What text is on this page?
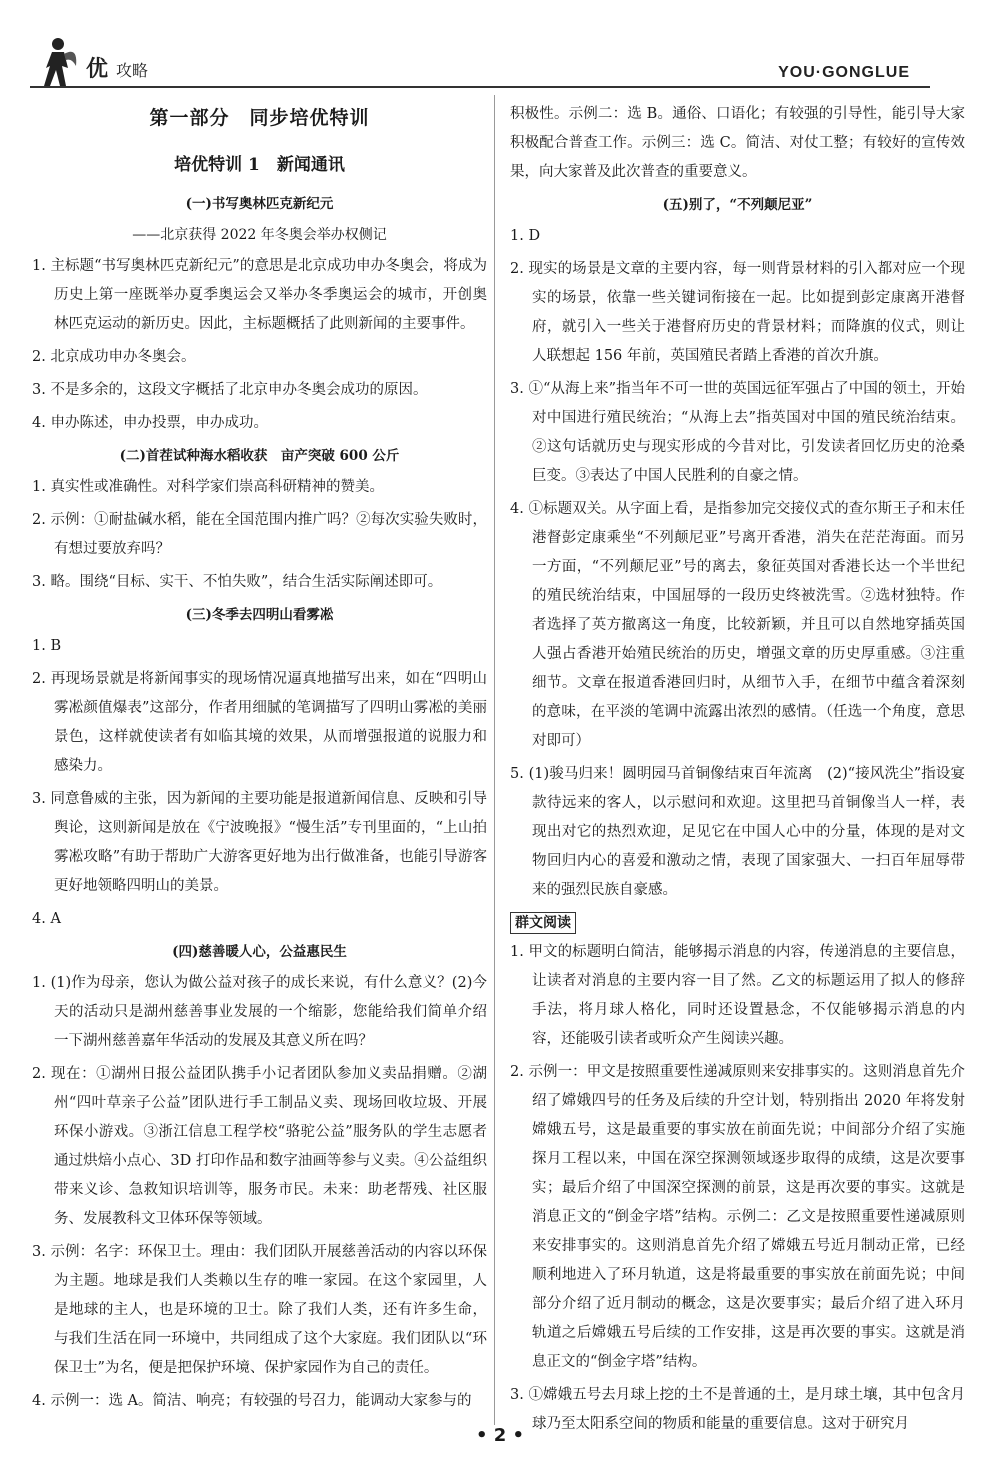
优 攻略	YOU·GONGLUE
第一部分　同步培优特训
培优特训 1　新闻通讯
(一)书写奥林匹克新纪元
——北京获得 2022 年冬奥会举办权侧记

1. 主标题“书写奥林匹克新纪元”的意思是北京成功申办冬奥会，将成为历史上第一座既举办夏季奥运会又举办冬季奥运会的城市，开创奥林匹克运动的新历史。因此，主标题概括了此则新闻的主要事件。

2. 北京成功申办冬奥会。

3. 不是多余的，这段文字概括了北京申办冬奥会成功的原因。

4. 申办陈述，申办投票，申办成功。

(二)首茬试种海水稻收获　亩产突破 600 公斤

1. 真实性或准确性。对科学家们崇高科研精神的赞美。

2. 示例：①耐盐碱水稻，能在全国范围内推广吗？②每次实验失败时，有想过要放弃吗？

3. 略。围绕“目标、实干、不怕失败”，结合生活实际阐述即可。

(三)冬季去四明山看雾凇

1. B

2. 再现场景就是将新闻事实的现场情况逼真地描写出来，如在“四明山雾凇颜值爆表”这部分，作者用细腻的笔调描写了四明山雾凇的美丽景色，这样就使读者有如临其境的效果，从而增强报道的说服力和感染力。

3. 同意鲁威的主张，因为新闻的主要功能是报道新闻信息、反映和引导舆论，这则新闻是放在《宁波晚报》“慢生活”专刊里面的，“上山拍雾凇攻略”有助于帮助广大游客更好地为出行做准备，也能引导游客更好地领略四明山的美景。

4. A

(四)慈善暖人心，公益惠民生

1. (1)作为母亲，您认为做公益对孩子的成长来说，有什么意义？(2)今天的活动只是湖州慈善事业发展的一个缩影，您能给我们简单介绍一下湖州慈善嘉年华活动的发展及其意义所在吗？

2. 现在：①湖州日报公益团队携手小记者团队参加义卖品捐赠。②湖州“四叶草亲子公益”团队进行手工制品义卖、现场回收垃圾、开展环保小游戏。③浙江信息工程学校“骆驼公益”服务队的学生志愿者通过烘焙小点心、3D 打印作品和数字油画等参与义卖。④公益组织带来义诊、急救知识培训等，服务市民。未来：助老帮残、社区服务、发展教科文卫体环保等领域。

3. 示例：名字：环保卫士。理由：我们团队开展慈善活动的内容以环保为主题。地球是我们人类赖以生存的唯一家园。在这个家园里，人是地球的主人，也是环境的卫士。除了我们人类，还有许多生命，与我们生活在同一环境中，共同组成了这个大家庭。我们团队以“环保卫士”为名，便是把保护环境、保护家园作为自己的责任。

4. 示例一：选 A。简洁、响亮；有较强的号召力，能调动大家参与的

积极性。示例二：选 B。通俗、口语化；有较强的引导性，能引导大家积极配合普查工作。示例三：选 C。简洁、对仗工整；有较好的宣传效果，向大家普及此次普查的重要意义。

(五)别了，“不列颠尼亚”

1. D

2. 现实的场景是文章的主要内容，每一则背景材料的引入都对应一个现实的场景，依靠一些关键词衔接在一起。比如提到彭定康离开港督府，就引入一些关于港督府历史的背景材料；而降旗的仪式，则让人联想起 156 年前，英国殖民者踏上香港的首次升旗。

3. ①“从海上来”指当年不可一世的英国远征军强占了中国的领土，开始对中国进行殖民统治；“从海上去”指英国对中国的殖民统治结束。②这句话就历史与现实形成的今昔对比，引发读者回忆历史的沧桑巨变。③表达了中国人民胜利的自豪之情。

4. ①标题双关。从字面上看，是指参加完交接仪式的查尔斯王子和末任港督彭定康乘坐“不列颠尼亚”号离开香港，消失在茫茫海面。而另一方面，“不列颠尼亚”号的离去，象征英国对香港长达一个半世纪的殖民统治结束，中国屈辱的一段历史终被洗雪。②选材独特。作者选择了英方撤离这一角度，比较新颖，并且可以自然地穿插英国人强占香港开始殖民统治的历史，增强文章的历史厚重感。③注重细节。文章在报道香港回归时，从细节入手，在细节中蕴含着深刻的意味，在平淡的笔调中流露出浓烈的感情。（任选一个角度，意思对即可）

5. (1)骏马归来！圆明园马首铜像结束百年流离　(2)“接风洗尘”指设宴款待远来的客人，以示慰问和欢迎。这里把马首铜像当人一样，表现出对它的热烈欢迎，足见它在中国人心中的分量，体现的是对文物回归内心的喜爱和激动之情，表现了国家强大、一扫百年屈辱带来的强烈民族自豪感。

群文阅读

1. 甲文的标题明白简洁，能够揭示消息的内容，传递消息的主要信息，让读者对消息的主要内容一目了然。乙文的标题运用了拟人的修辞手法，将月球人格化，同时还设置悬念，不仅能够揭示消息的内容，还能吸引读者或听众产生阅读兴趣。

2. 示例一：甲文是按照重要性递减原则来安排事实的。这则消息首先介绍了嫦娥四号的任务及后续的升空计划，特别指出 2020 年将发射嫦娥五号，这是最重要的事实放在前面先说；中间部分介绍了实施探月工程以来，中国在深空探测领域逐步取得的成绩，这是次要事实；最后介绍了中国深空探测的前景，这是再次要的事实。这就是消息正文的“倒金字塔”结构。示例二：乙文是按照重要性递减原则来安排事实的。这则消息首先介绍了嫦娥五号近月制动正常，已经顺利地进入了环月轨道，这是将最重要的事实放在前面先说；中间部分介绍了近月制动的概念，这是次要事实；最后介绍了进入环月轨道之后嫦娥五号后续的工作安排，这是再次要的事实。这就是消息正文的“倒金字塔”结构。

3. ①嫦娥五号去月球上挖的土不是普通的土，是月球土壤，其中包含月球乃至太阳系空间的物质和能量的重要信息。这对于研究月

• 2 •
